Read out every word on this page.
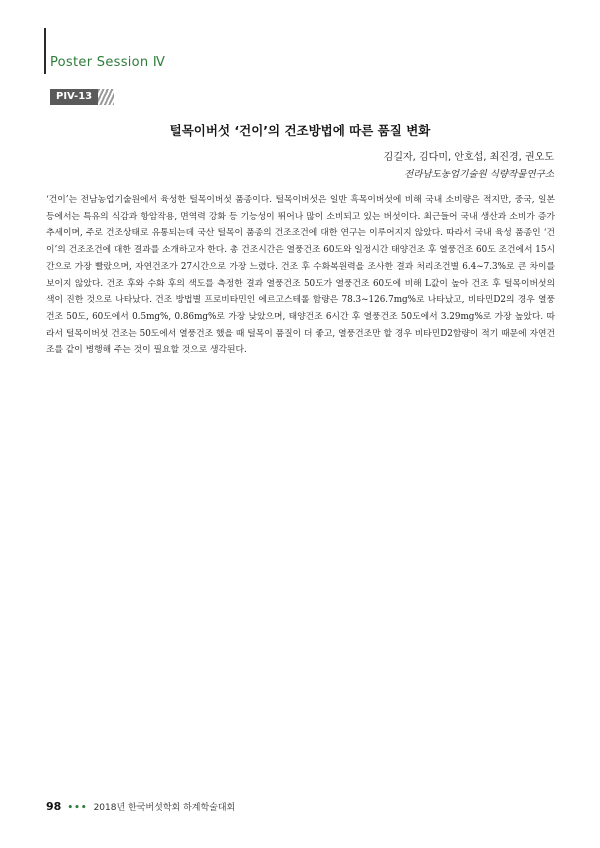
Poster Session Ⅳ
PIV-13
털목이버섯 ‘건이’의 건조방법에 따른 품질 변화
김길자, 김다미, 안호섭, 최진경, 권오도
전라남도농업기술원 식량작물연구소

‘건이’는 전남농업기술원에서 육성한 털목이버섯 품종이다. 털목이버섯은 일반 흑목이버섯에 비해 국내 소비량은 적지만, 중국, 일본 등에서는 특유의 식감과 항암작용, 면역력 강화 등 기능성이 뛰어나 많이 소비되고 있는 버섯이다. 최근들어 국내 생산과 소비가 증가 추세이며, 주로 건조상태로 유통되는데 국산 털목이 품종의 건조조건에 대한 연구는 이루어지지 않았다. 따라서 국내 육성 품종인 ‘건이’의 건조조건에 대한 결과를 소개하고자 한다. 총 건조시간은 열풍건조 60도와 일정시간 태양건조 후 열풍건조 60도 조건에서 15시간으로 가장 빨랐으며, 자연건조가 27시간으로 가장 느렸다. 건조 후 수화복원력을 조사한 결과 처리조건별 6.4~7.3%로 큰 차이를 보이지 않았다. 건조 후와 수화 후의 색도를 측정한 결과 열풍건조 50도가 열풍건조 60도에 비해 L값이 높아 건조 후 털목이버섯의 색이 진한 것으로 나타났다. 건조 방법별 프로비타민인 에르고스테롤 함량은 78.3~126.7mg%로 나타났고, 비타민D2의 경우 열풍건조 50도, 60도에서 0.5mg%, 0.86mg%로 가장 낮았으며, 태양건조 6시간 후 열풍건조 50도에서 3.29mg%로 가장 높았다. 따라서 털목이버섯 건조는 50도에서 열풍건조 했을 때 털목이 품질이 더 좋고, 열풍건조만 할 경우 비타민D2함량이 적기 때문에 자연건조를 같이 병행해 주는 것이 필요할 것으로 생각된다.

98 ••• 2018년 한국버섯학회 하계학술대회
